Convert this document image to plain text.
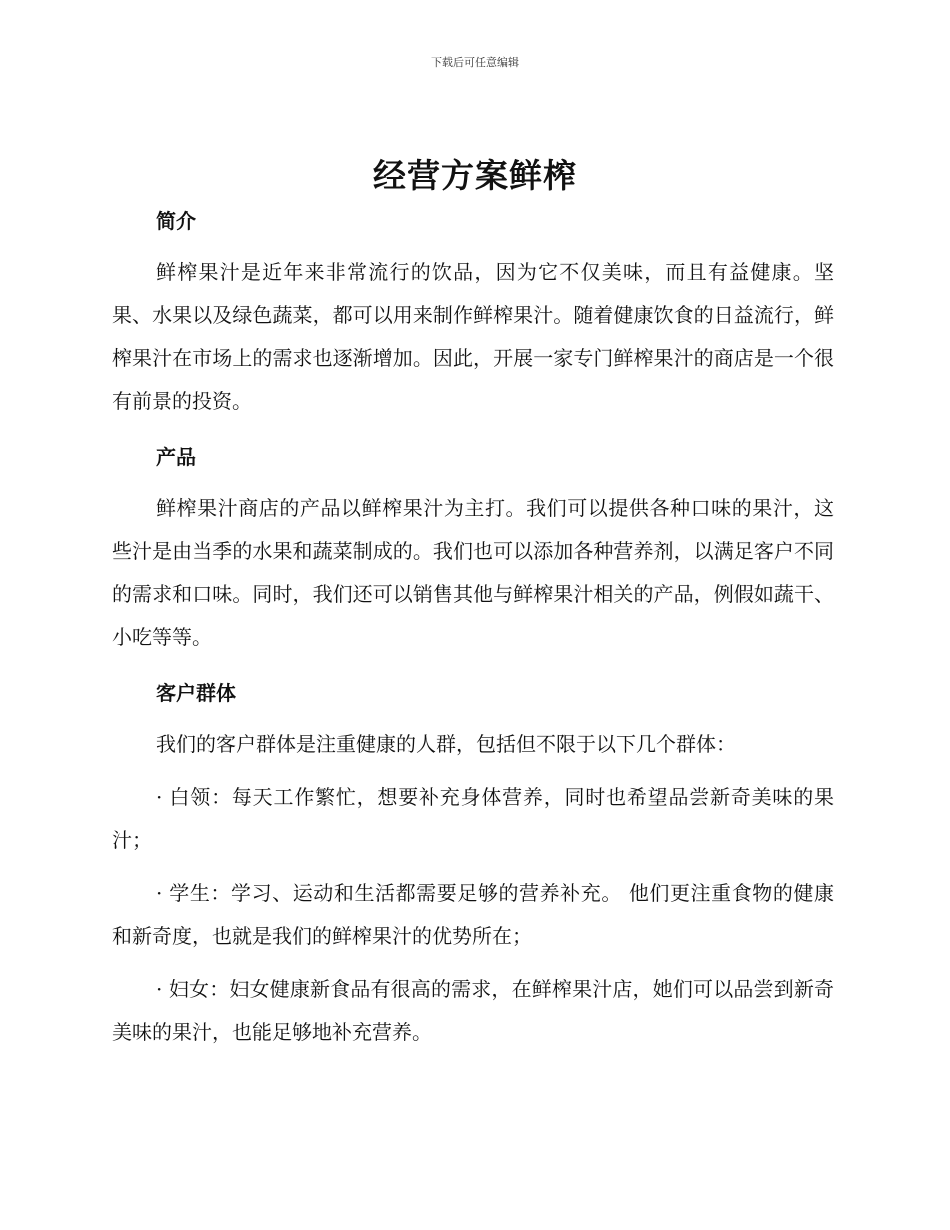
下载后可任意编辑
经营方案鲜榨
简介

鲜榨果汁是近年来非常流行的饮品，因为它不仅美味，而且有益健康。坚果、水果以及绿色蔬菜，都可以用来制作鲜榨果汁。随着健康饮食的日益流行，鲜榨果汁在市场上的需求也逐渐增加。因此，开展一家专门鲜榨果汁的商店是一个很有前景的投资。

产品

鲜榨果汁商店的产品以鲜榨果汁为主打。我们可以提供各种口味的果汁，这些汁是由当季的水果和蔬菜制成的。我们也可以添加各种营养剂，以满足客户不同的需求和口味。同时，我们还可以销售其他与鲜榨果汁相关的产品，例假如蔬干、小吃等等。

客户群体

我们的客户群体是注重健康的人群，包括但不限于以下几个群体：

· 白领：每天工作繁忙，想要补充身体营养，同时也希望品尝新奇美味的果汁；

· 学生：学习、运动和生活都需要足够的营养补充。 他们更注重食物的健康和新奇度，也就是我们的鲜榨果汁的优势所在；

· 妇女：妇女健康新食品有很高的需求，在鲜榨果汁店，她们可以品尝到新奇美味的果汁，也能足够地补充营养。
